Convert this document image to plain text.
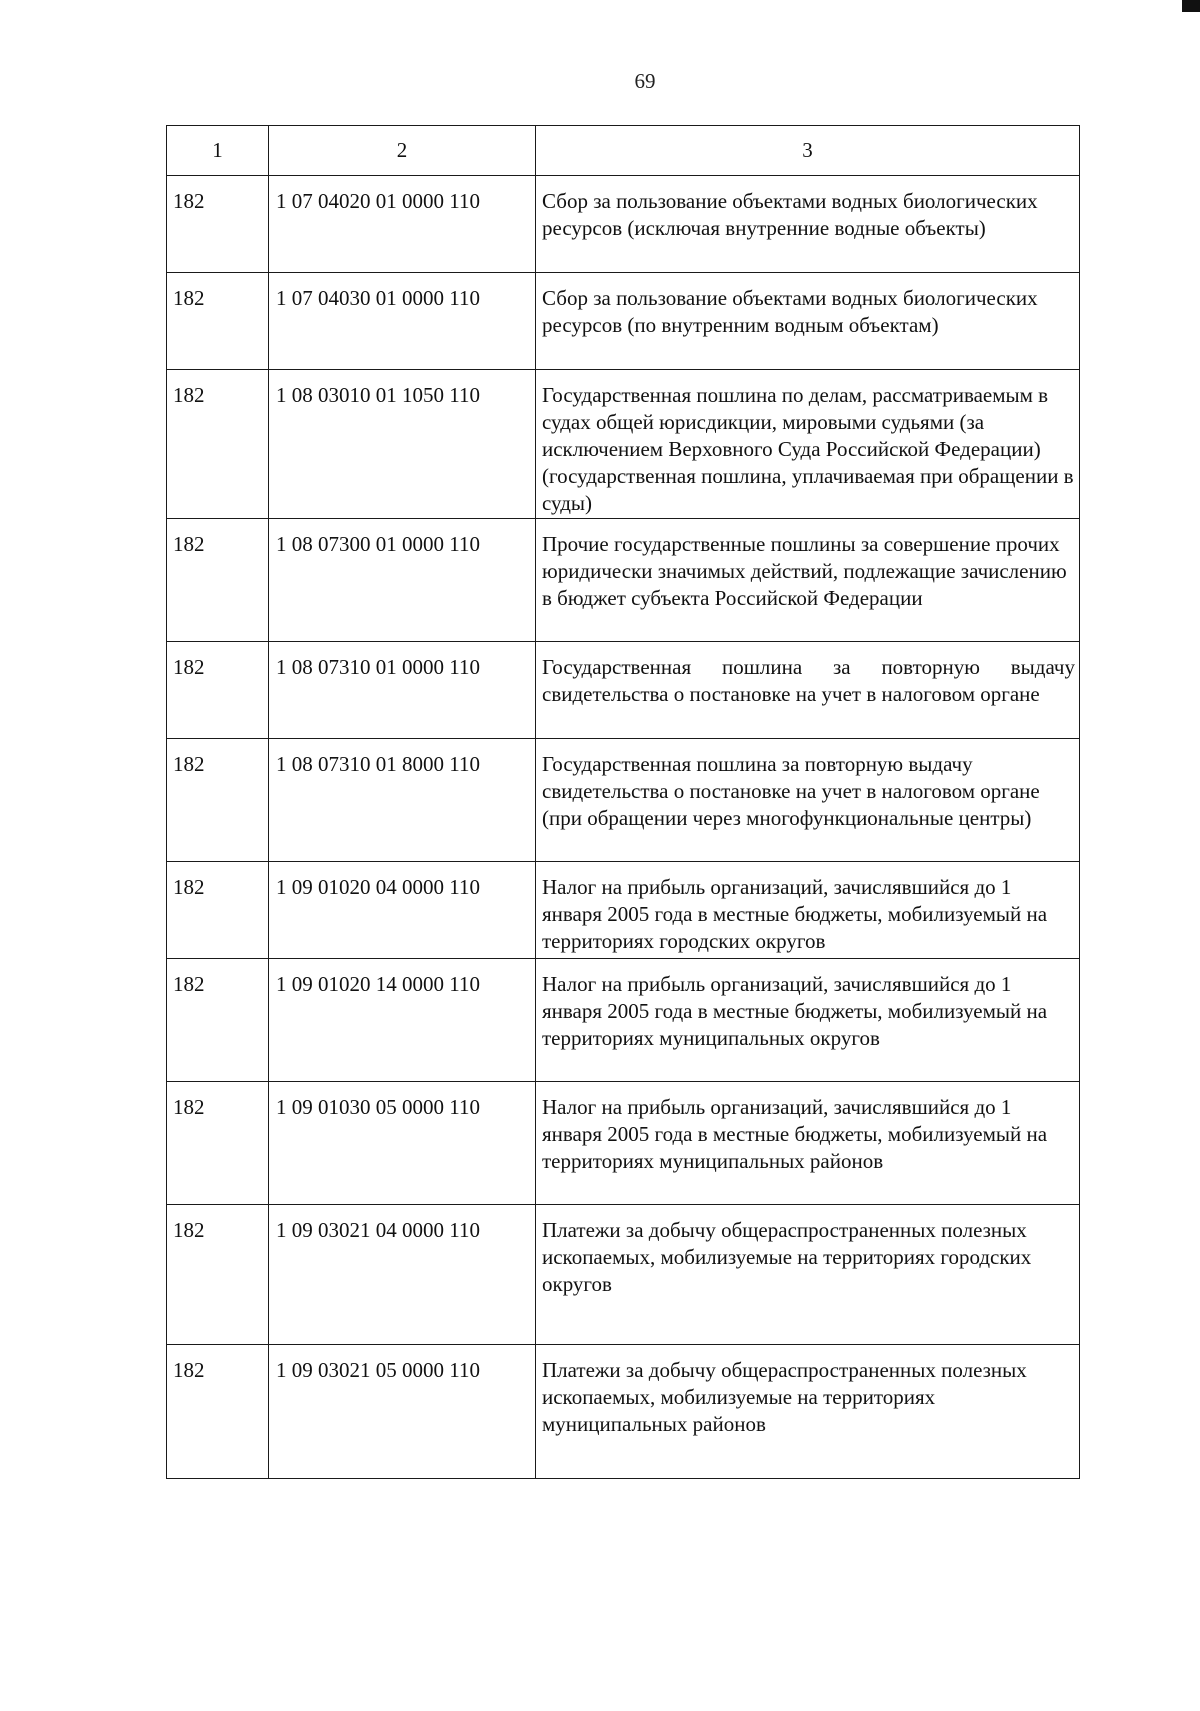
69
1	2	3
182	1 07 04020 01 0000 110	Сбор за пользование объектами водных биологических ресурсов (исключая внутренние водные объекты)
182	1 07 04030 01 0000 110	Сбор за пользование объектами водных биологических ресурсов (по внутренним водным объектам)
182	1 08 03010 01 1050 110	Государственная пошлина по делам, рассматриваемым в судах общей юрисдикции, мировыми судьями (за исключением Верховного Суда Российской Федерации) (государственная пошлина, уплачиваемая при обращении в суды)
182	1 08 07300 01 0000 110	Прочие государственные пошлины за совершение прочих юридически значимых действий, подлежащие зачислению в бюджет субъекта Российской Федерации
182	1 08 07310 01 0000 110	Государственная пошлина за повторную выдачу свидетельства о постановке на учет в налоговом органе
182	1 08 07310 01 8000 110	Государственная пошлина за повторную выдачу свидетельства о постановке на учет в налоговом органе (при обращении через многофункциональные центры)
182	1 09 01020 04 0000 110	Налог на прибыль организаций, зачислявшийся до 1 января 2005 года в местные бюджеты, мобилизуемый на территориях городских округов
182	1 09 01020 14 0000 110	Налог на прибыль организаций, зачислявшийся до 1 января 2005 года в местные бюджеты, мобилизуемый на территориях муниципальных округов
182	1 09 01030 05 0000 110	Налог на прибыль организаций, зачислявшийся до 1 января 2005 года в местные бюджеты, мобилизуемый на территориях муниципальных районов
182	1 09 03021 04 0000 110	Платежи за добычу общераспространенных полезных ископаемых, мобилизуемые на территориях городских округов
182	1 09 03021 05 0000 110	Платежи за добычу общераспространенных полезных ископаемых, мобилизуемые на территориях муниципальных районов
